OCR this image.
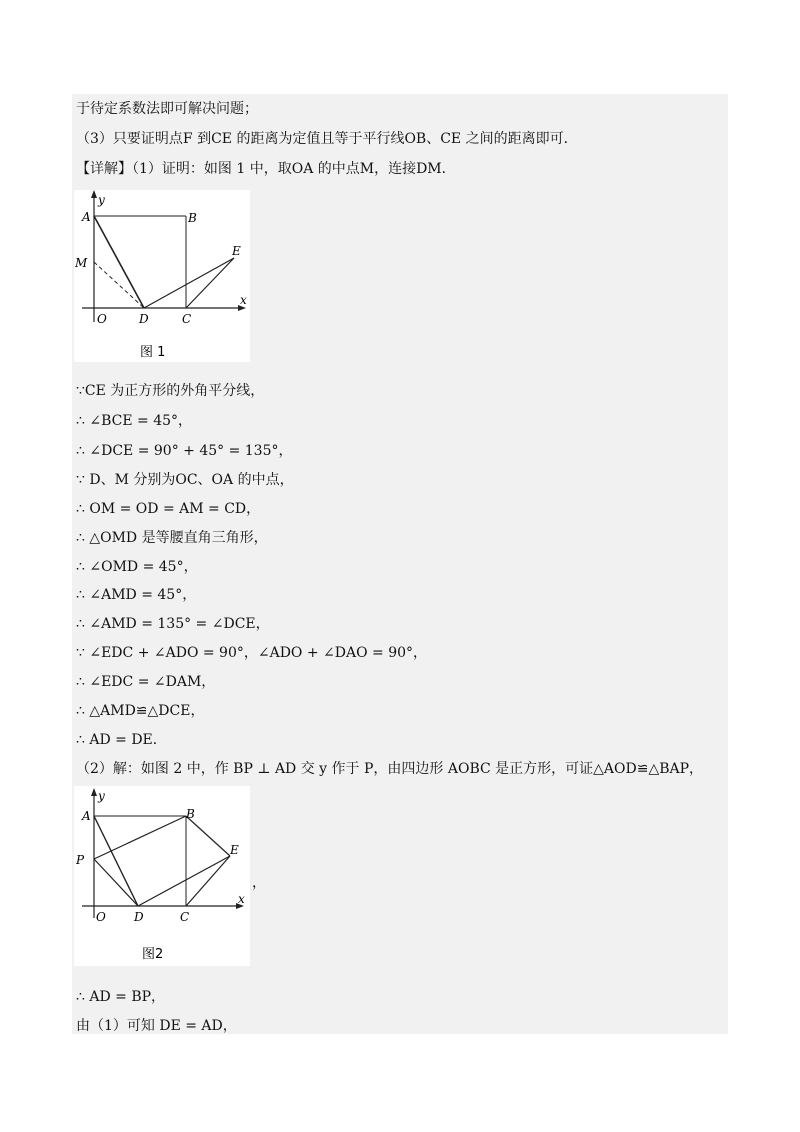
于待定系数法即可解决问题；
（3）只要证明点F 到CE 的距离为定值且等于平行线OB、CE 之间的距离即可．
【详解】（1）证明：如图 1 中，取OA 的中点M，连接DM．
y
x
A	B
M
E
O	D	C
图 1
∵CE 为正方形的外角平分线，
∴ ∠BCE = 45°，
∴ ∠DCE = 90° + 45° = 135°，
∵ D、M 分别为OC、OA 的中点，
∴ OM = OD = AM = CD，
∴ △OMD 是等腰直角三角形，
∴ ∠OMD = 45°，
∴ ∠AMD = 45°，
∴ ∠AMD = 135° = ∠DCE，
∵ ∠EDC + ∠ADO = 90°，∠ADO + ∠DAO = 90°，
∴ ∠EDC = ∠DAM，
∴ △AMD≌△DCE，
∴ AD = DE．
（2）解：如图 2 中，作 BP ⊥ AD 交 y 作于 P，由四边形 AOBC 是正方形，可证△AOD≌△BAP，
y
x
A	B
P
E
O D	C
图2
，
∴ AD = BP，
由（1）可知 DE = AD，
